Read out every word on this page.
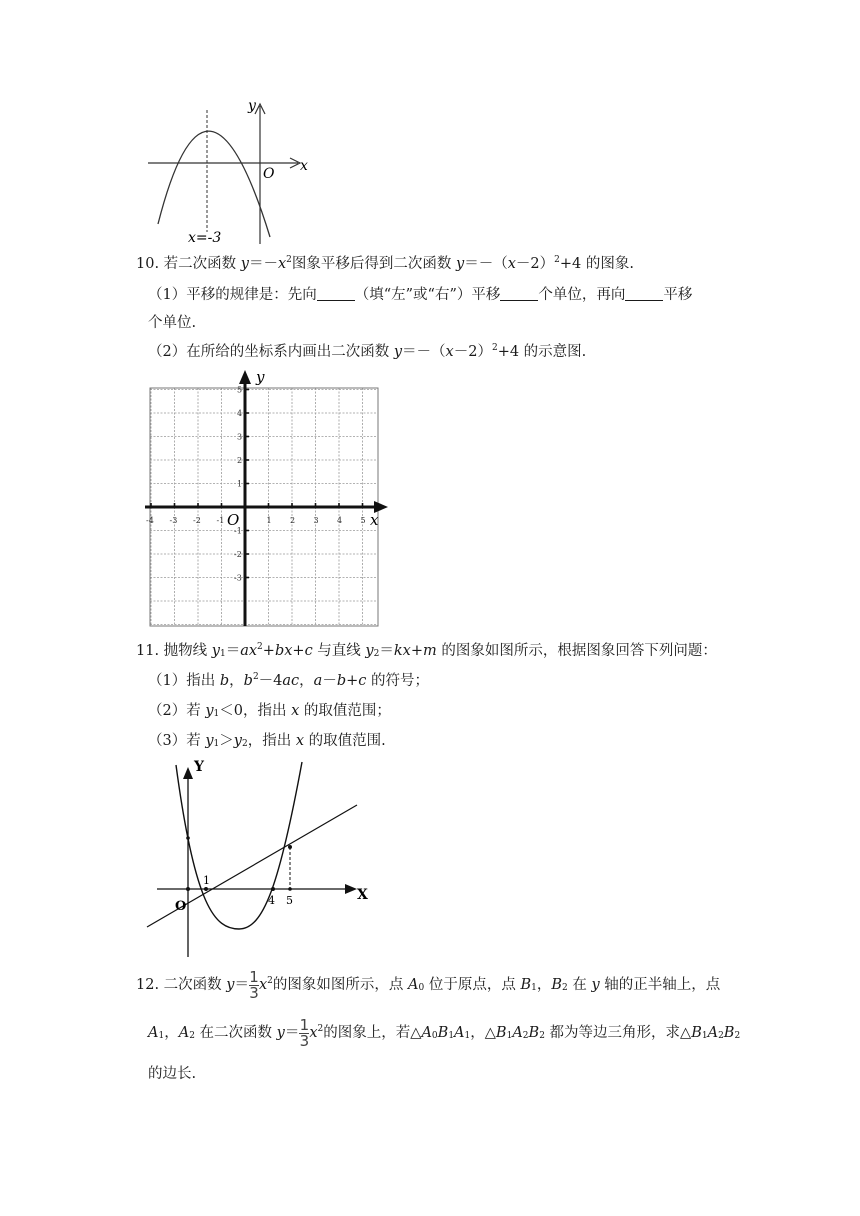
y
x
O
x=-3
10. 若二次函数 $y=-x^2$图象平移后得到二次函数 $y=-(x-2)^2+4$ 的图象.
（1）平移的规律是：先向	（填“左”或“右”）平移	个单位，再向	平移
个单位.
（2）在所给的坐标系内画出二次函数 $y=-(x-2)^2+4$ 的示意图.
y
x
O
-4 -3 -2 -1	1 2 3 4 5
5
4
3
2
1
-1
-2
-3
11. 抛物线 $y_1=ax^2+bx+c$ 与直线 $y_2=kx+m$ 的图象如图所示，根据图象回答下列问题：
（1）指出 b，$b^2-4ac$，a－b+c 的符号；
（2）若 $y_1<0$，指出 x 的取值范围；
（3）若 $y_1>y_2$，指出 x 的取值范围.
Y
X
O
1
4 5
12. 二次函数 $y= \frac{1}{3} x^2$的图象如图所示，点 $A_0$ 位于原点，点 $B_1$，$B_2$ 在 y 轴的正半轴上，点
$A_1$，$A_2$ 在二次函数 $y= \frac{1}{3} x^2$的图象上，若$\triangle A_0B_1A_1$，$\triangle B_1A_2B_2$ 都为等边三角形，求$\triangle B_1A_2B_2$
的边长.
